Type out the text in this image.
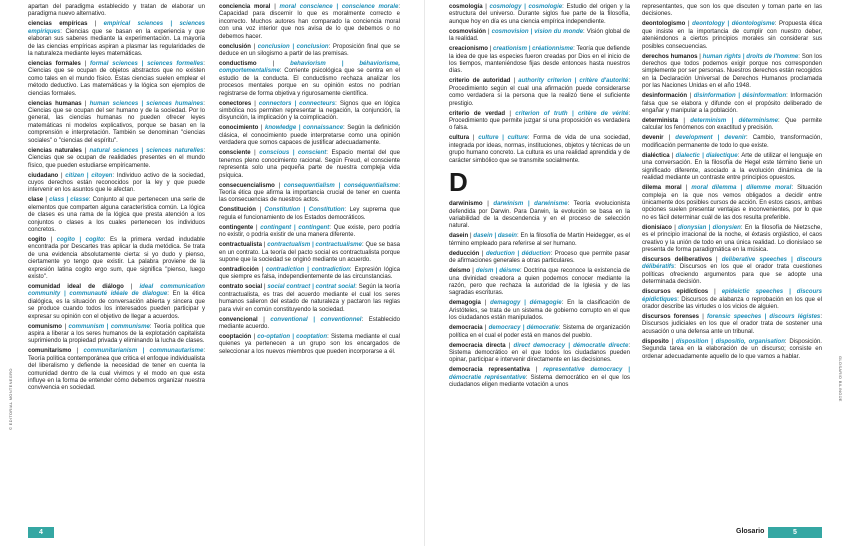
apartan del paradigma establecido y tratan de elaborar un paradigma nuevo alternativo.

ciencias empíricas | empirical sciences | sciences empiriques: Ciencias que se basan en la experiencia y que elaboran sus saberes mediante la experimentación. La mayoría de las ciencias empíricas aspiran a plasmar las regularidades de la naturaleza mediante leyes matemáticas.

ciencias formales | formal sciences | sciences formelles: Ciencias que se ocupan de objetos abstractos que no existen como tales en el mundo físico. Estas ciencias suelen emplear el método deductivo. Las matemáticas y la lógica son ejemplos de ciencias formales.

ciencias humanas | human sciences | sciences humaines: Ciencias que se ocupan del ser humano y de la sociedad. Por lo general, las ciencias humanas no pueden ofrecer leyes matemáticas ni modelos explicativos, porque se basan en la comprensión e interpretación. También se denominan "ciencias sociales" o "ciencias del espíritu".

ciencias naturales | natural sciences | sciences naturelles: Ciencias que se ocupan de realidades presentes en el mundo físico, que pueden estudiarse empíricamente.

ciudadano | citizen | citoyen: Individuo activo de la sociedad, cuyos derechos están reconocidos por la ley y que puede intervenir en los asuntos que le afectan.

clase | class | classe: Conjunto al que pertenecen una serie de elementos que comparten alguna característica común. La lógica de clases es una rama de la lógica que presta atención a los conjuntos o clases a los cuales pertenecen los individuos concretos.

cogito | cogito | cogito: Es la primera verdad indudable encontrada por Descartes tras aplicar la duda metódica. Se trata de una evidencia absolutamente cierta: si yo dudo y pienso, ciertamente yo tengo que existir. La palabra proviene de la expresión latina cogito ergo sum, que significa "pienso, luego existo".

comunidad ideal de diálogo | ideal communication community | communauté idéale de dialogue: En la ética dialógica, es la situación de conversación abierta y sincera que se produce cuando todos los interesados pueden participar y expresar su opinión con el objetivo de llegar a acuerdos.

comunismo | communism | communisme: Teoría política que aspira a liberar a los seres humanos de la explotación capitalista suprimiendo la propiedad privada y eliminando la lucha de clases.

comunitarismo | communitarianism | communautarisme: Teoría política contemporánea que critica el enfoque individualista del liberalismo y defiende la necesidad de tener en cuenta la comunidad dentro de la cual vivimos y el modo en que esta influye en la forma de entender cómo debemos organizar nuestra convivencia en sociedad.

conciencia moral | moral conscience | conscience morale: Capacidad para discernir lo que es moralmente correcto e incorrecto. Muchos autores han comparado la conciencia moral con una voz interior que nos avisa de lo que debemos o no debemos hacer.

conclusión | conclusion | conclusion: Proposición final que se deduce en un silogismo a partir de las premisas.

conductismo | behaviorism | béhaviorisme, comportementalisme: Corriente psicológica que se centra en el estudio de la conducta. El conductismo rechaza analizar los procesos mentales porque en su opinión estos no podrían registrarse de forma objetiva y rigurosamente científica.

conectores | connectors | connecteurs: Signos que en lógica simbólica nos permiten representar la negación, la conjunción, la disyunción, la implicación y la coimplicación.

conocimiento | knowledge | connaissance: Según la definición clásica, el conocimiento puede interpretarse como una opinión verdadera que somos capaces de justificar adecuadamente.

consciente | conscious | conscient: Espacio mental del que tenemos pleno conocimiento racional. Según Freud, el consciente representa solo una pequeña parte de nuestra compleja vida psíquica.

consecuencialismo | consequentialism | conséquentialisme: Teoría ética que afirma la importancia crucial de tener en cuenta las consecuencias de nuestros actos.

Constitución | Constitution | Constitution: Ley suprema que regula el funcionamiento de los Estados democráticos.

contingente | contingent | contingent: Que existe, pero podría no existir, o podría existir de una manera diferente.

contractualista | contractualism | contractualisme: Que se basa en un contrato. La teoría del pacto social es contractualista porque supone que la sociedad se originó mediante un acuerdo.

contradicción | contradiction | contradiction: Expresión lógica que siempre es falsa, independientemente de las circunstancias.

contrato social | social contract | contrat social: Según la teoría contractualista, es tras del acuerdo mediante el cual los seres humanos salieron del estado de naturaleza y pactaron las reglas para vivir en común constituyendo la sociedad.

convencional | conventional | conventionnel: Establecido mediante acuerdo.

cooptación | co-optation | cooptation: Sistema mediante el cual quienes ya pertenecen a un grupo son los encargados de seleccionar a los nuevos miembros que pueden incorporarse a él.

cosmología | cosmology | cosmologie: Estudio del origen y la estructura del universo. Durante siglos fue parte de la filosofía, aunque hoy en día es una ciencia empírica independiente.

cosmovisión | cosmovision | vision du monde: Visión global de la realidad.

creacionismo | creationism | créationnisme: Teoría que defiende la idea de que las especies fueron creadas por Dios en el inicio de los tiempos, manteniéndose fijas desde entonces hasta nuestros días.

criterio de autoridad | authority criterion | critère d'autorité: Procedimiento según el cual una afirmación puede considerarse como verdadera si la persona que la realizó tiene el suficiente prestigio.

criterio de verdad | criterion of truth | critère de vérité: Procedimiento que permite juzgar si una proposición es verdadera o falsa.

cultura | culture | culture: Forma de vida de una sociedad, integrada por ideas, normas, instituciones, objetos y técnicas de un grupo humano concreto. La cultura es una realidad aprendida y de carácter simbólico que se transmite socialmente.

D

darwinismo | darwinism | darwinisme: Teoría evolucionista defendida por Darwin. Para Darwin, la evolución se basa en la variabilidad de la descendencia y en el proceso de selección natural.

dasein | dasein | dasein: En la filosofía de Martin Heidegger, es el término empleado para referirse al ser humano.

deducción | deduction | déduction: Proceso que permite pasar de afirmaciones generales a otras particulares.

deísmo | deism | déisme: Doctrina que reconoce la existencia de una divinidad creadora a quien podemos conocer mediante la razón, pero que rechaza la autoridad de la Iglesia y de las sagradas escrituras.

demagogia | demagogy | démagogie: En la clasificación de Aristóteles, se trata de un sistema de gobierno corrupto en el que los ciudadanos están manipulados.

democracia | democracy | démocratie: Sistema de organización política en el cual el poder está en manos del pueblo.

democracia directa | direct democracy | démocratie directe: Sistema democrático en el que todos los ciudadanos pueden opinar, participar e intervenir directamente en las decisiones.

democracia representativa | representative democracy | démocratie représentative: Sistema democrático en el que los ciudadanos eligen mediante votación a unos

representantes, que son los que discuten y toman parte en las decisiones.

deontologismo | deontology | déontologisme: Propuesta ética que insiste en la importancia de cumplir con nuestro deber, ateniéndonos a ciertos principios morales sin considerar sus posibles consecuencias.

derechos humanos | human rights | droits de l'homme: Son los derechos que todos podemos exigir porque nos corresponden simplemente por ser personas. Nuestros derechos están recogidos en la Declaración Universal de Derechos Humanos proclamada por las Naciones Unidas en el año 1948.

desinformación | disinformation | désinformation: Información falsa que se elabora y difunde con el propósito deliberado de engañar y manipular a la población.

determinista | determinism | déterminisme: Que permite calcular los fenómenos con exactitud y precisión.

devenir | development | devenir: Cambio, transformación, modificación permanente de todo lo que existe.

dialéctica | dialectic | dialectique: Arte de utilizar el lenguaje en una conversación. En la filosofía de Hegel este término tiene un significado diferente, asociado a la evolución dinámica de la realidad mediante un contraste entre principios opuestos.

dilema moral | moral dilemma | dilemme moral: Situación compleja en la que nos vemos obligados a decidir entre únicamente dos posibles cursos de acción. En estos casos, ambas opciones suelen presentar ventajas e inconvenientes, por lo que no es fácil determinar cuál de las dos resulta preferible.

dionisíaco | dionysian | dionysien: En la filosofía de Nietzsche, es el principio irracional de la noche, el éxtasis orgiástico, el caos creativo y la unión de todo en una única realidad. Lo dionisíaco se presenta de forma paradigmática en la música.

discursos deliberativos | deliberative speeches | discours délibératifs: Discursos en los que el orador trata cuestiones políticas ofreciendo argumentos para que se adopte una determinada decisión.

discursos epidícticos | epideictic speeches | discours épidictiques: Discursos de alabanza o reprobación en los que el orador describe las virtudes o los vicios de alguien.

discursos forenses | forensic speeches | discours légistes: Discursos judiciales en los que el orador trata de sostener una acusación o una defensa ante un tribunal.

disposito | disposition | dispositio, organisation: Disposición. Segunda tarea en la elaboración de un discurso; consiste en ordenar adecuadamente aquello de lo que vamos a hablar.

© EDITORIAL MONTENEGRO	GLOSARIO BILINGÜE
4	Glosario	5
